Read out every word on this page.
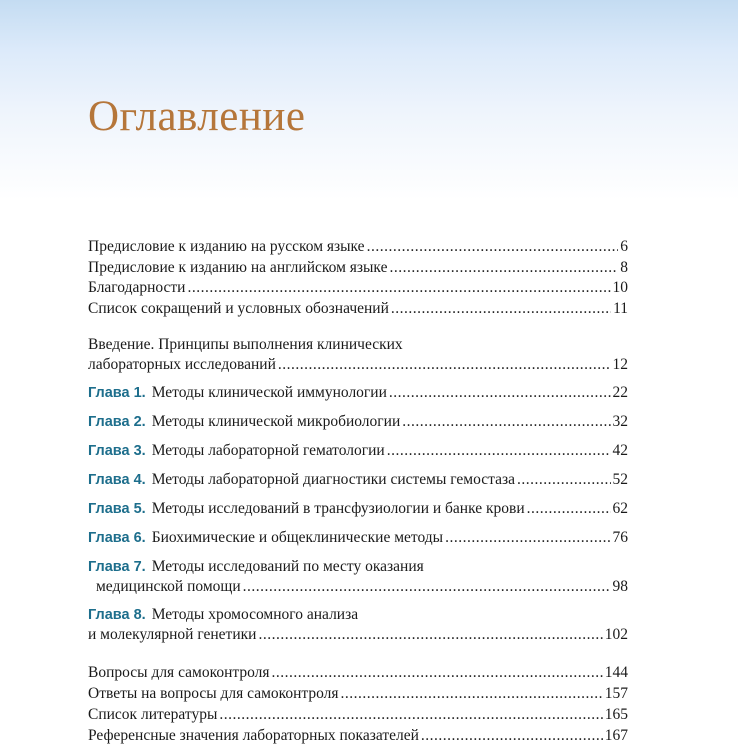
Оглавление
Предисловие к изданию на русском языке .....	6
Предисловие к изданию на английском языке .....	8
Благодарности .....	10
Список сокращений и условных обозначений .....	11
Введение. Принципы выполнения клинических
лабораторных исследований .....	12
Глава 1. Методы клинической иммунологии .....	22
Глава 2. Методы клинической микробиологии .....	32
Глава 3. Методы лабораторной гематологии .....	42
Глава 4. Методы лабораторной диагностики системы гемостаза .....	52
Глава 5. Методы исследований в трансфузиологии и банке крови .....	62
Глава 6. Биохимические и общеклинические методы .....	76
Глава 7. Методы исследований по месту оказания
медицинской помощи .....	98
Глава 8. Методы хромосомного анализа
и молекулярной генетики .....	102
Вопросы для самоконтроля .....	144
Ответы на вопросы для самоконтроля .....	157
Список литературы .....	165
Референсные значения лабораторных показателей .....	167
